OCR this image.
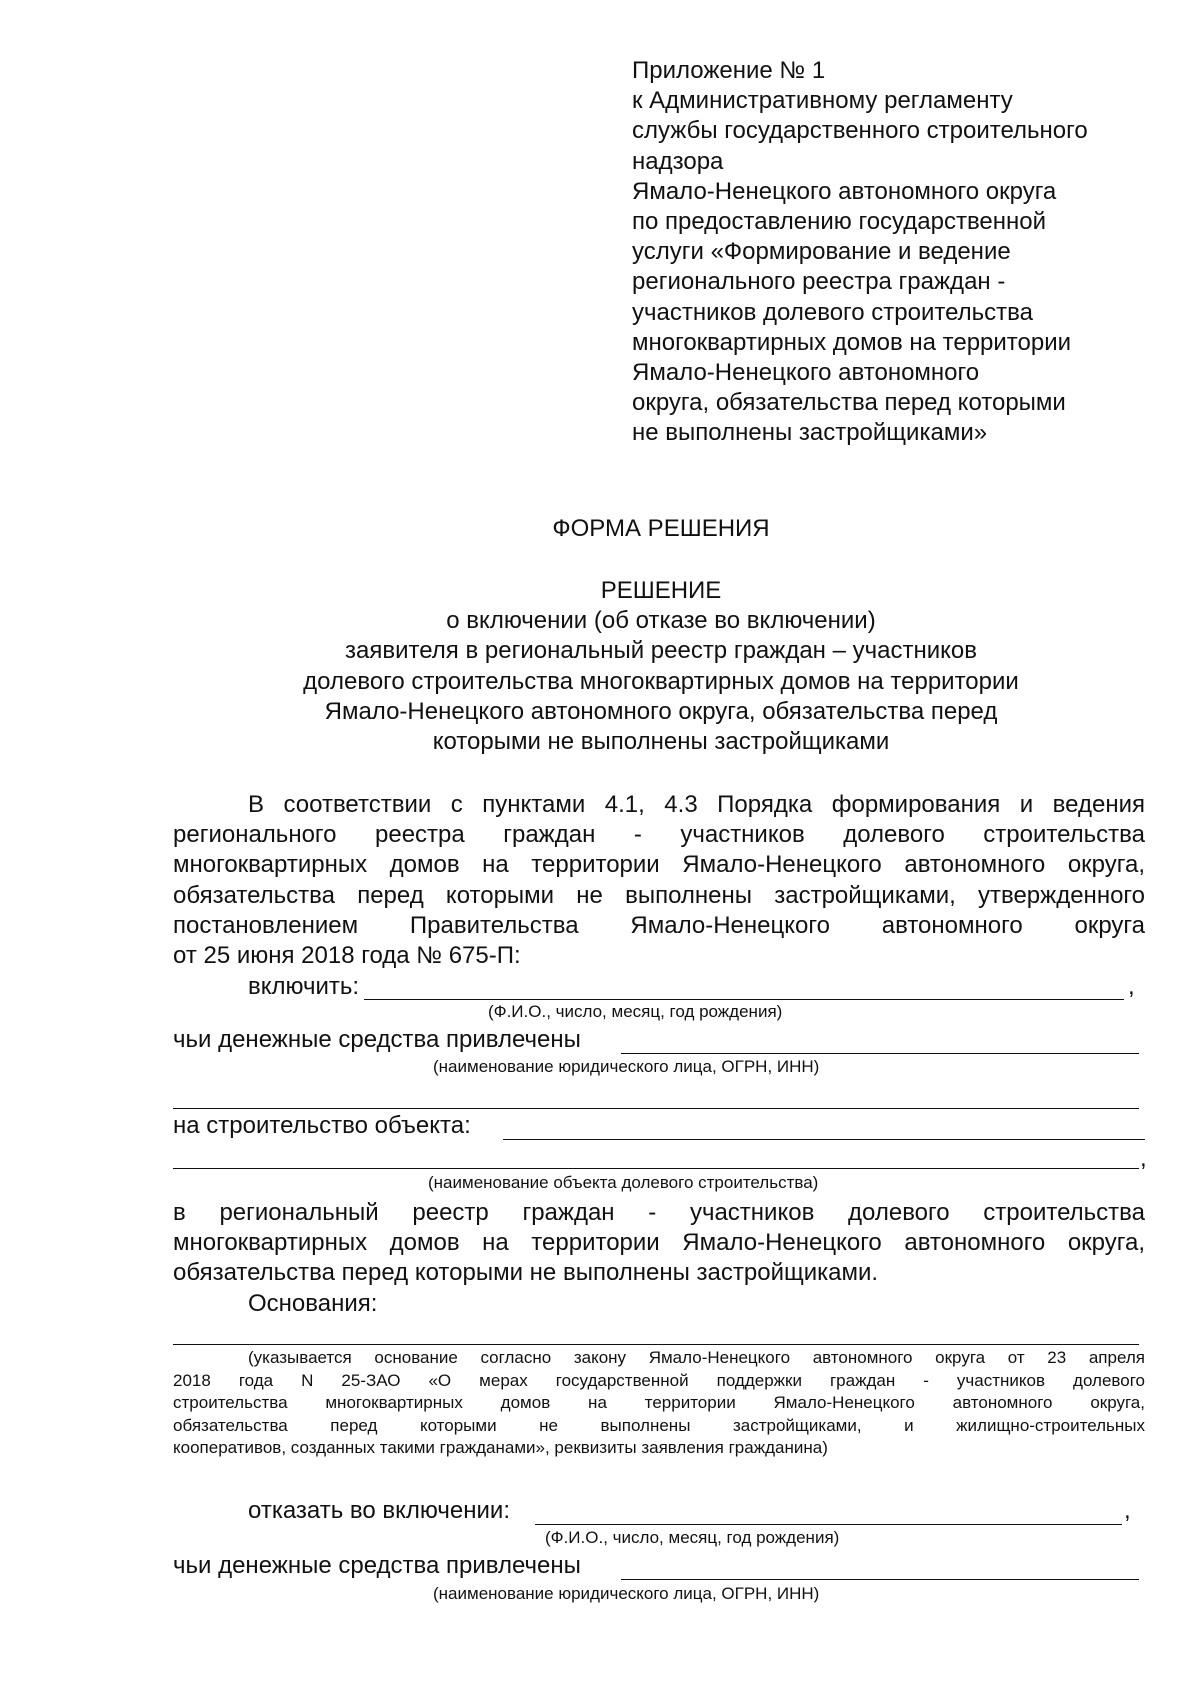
Приложение № 1
к Административному регламенту
службы государственного строительного
надзора
Ямало-Ненецкого автономного округа
по предоставлению государственной
услуги «Формирование и ведение
регионального реестра граждан -
участников долевого строительства
многоквартирных домов на территории
Ямало-Ненецкого автономного
округа, обязательства перед которыми
не выполнены застройщиками»
ФОРМА РЕШЕНИЯ
РЕШЕНИЕ
о включении (об отказе во включении)
заявителя в региональный реестр граждан – участников
долевого строительства многоквартирных домов на территории
Ямало-Ненецкого автономного округа, обязательства перед
которыми не выполнены застройщиками
В соответствии с пунктами 4.1, 4.3 Порядка формирования и ведения
регионального реестра граждан - участников долевого строительства
многоквартирных домов на территории Ямало-Ненецкого автономного округа,
обязательства перед которыми не выполнены застройщиками, утвержденного
постановлением Правительства Ямало-Ненецкого автономного округа
от 25 июня 2018 года № 675-П:
включить:	,
(Ф.И.О., число, месяц, год рождения)
чьи денежные средства привлечены
(наименование юридического лица, ОГРН, ИНН)
на строительство объекта:
,
(наименование объекта долевого строительства)
в региональный реестр граждан - участников долевого строительства
многоквартирных домов на территории Ямало-Ненецкого автономного округа,
обязательства перед которыми не выполнены застройщиками.
Основания:
(указывается основание согласно закону Ямало-Ненецкого автономного округа от 23 апреля
2018 года N 25-ЗАО «О мерах государственной поддержки граждан - участников долевого
строительства многоквартирных домов на территории Ямало-Ненецкого автономного округа,
обязательства перед которыми не выполнены застройщиками, и жилищно-строительных
кооперативов, созданных такими гражданами», реквизиты заявления гражданина)
отказать во включении:	,
(Ф.И.О., число, месяц, год рождения)
чьи денежные средства привлечены
(наименование юридического лица, ОГРН, ИНН)
